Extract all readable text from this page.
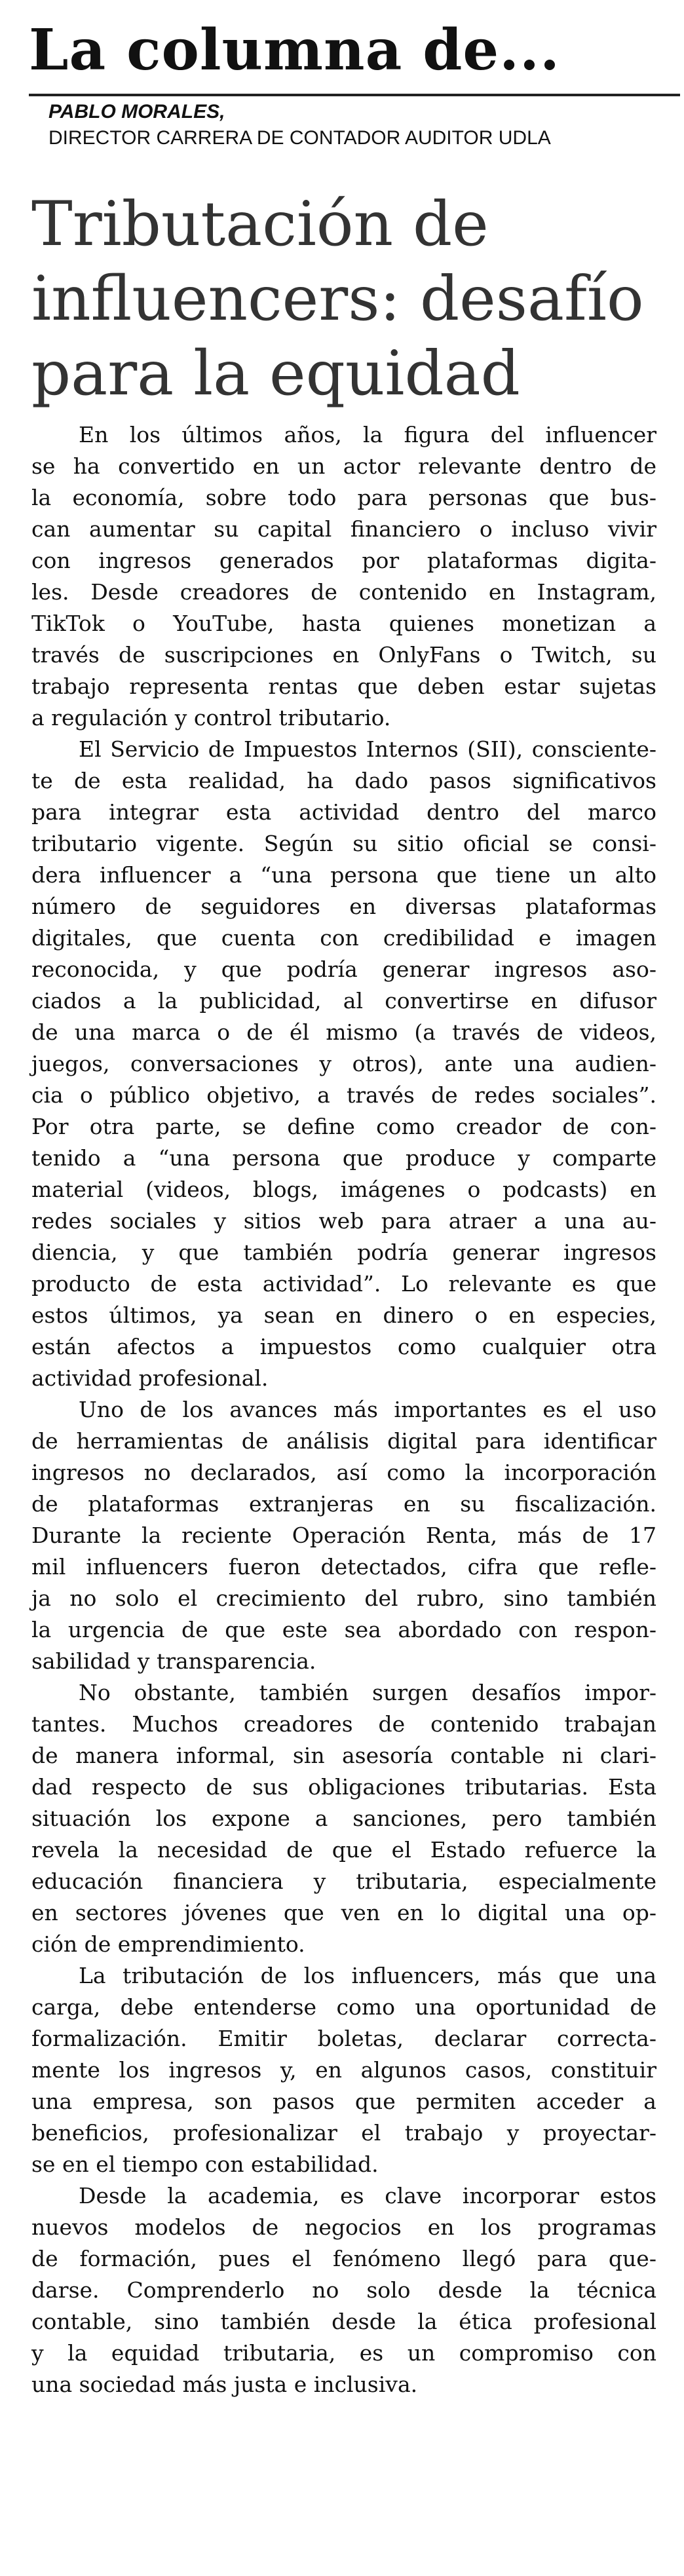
La columna de...
PABLO MORALES,
DIRECTOR CARRERA DE CONTADOR AUDITOR UDLA
Tributación de
influencers: desafío
para la equidad
En los últimos años, la figura del influencer
se ha convertido en un actor relevante dentro de
la economía, sobre todo para personas que bus-
can aumentar su capital financiero o incluso vivir
con ingresos generados por plataformas digita-
les. Desde creadores de contenido en Instagram,
TikTok o YouTube, hasta quienes monetizan a
través de suscripciones en OnlyFans o Twitch, su
trabajo representa rentas que deben estar sujetas
a regulación y control tributario.
El Servicio de Impuestos Internos (SII), consciente-
te de esta realidad, ha dado pasos significativos
para integrar esta actividad dentro del marco
tributario vigente. Según su sitio oficial se consi-
dera influencer a “una persona que tiene un alto
número de seguidores en diversas plataformas
digitales, que cuenta con credibilidad e imagen
reconocida, y que podría generar ingresos aso-
ciados a la publicidad, al convertirse en difusor
de una marca o de él mismo (a través de videos,
juegos, conversaciones y otros), ante una audien-
cia o público objetivo, a través de redes sociales”.
Por otra parte, se define como creador de con-
tenido a “una persona que produce y comparte
material (videos, blogs, imágenes o podcasts) en
redes sociales y sitios web para atraer a una au-
diencia, y que también podría generar ingresos
producto de esta actividad”. Lo relevante es que
estos últimos, ya sean en dinero o en especies,
están afectos a impuestos como cualquier otra
actividad profesional.
Uno de los avances más importantes es el uso
de herramientas de análisis digital para identificar
ingresos no declarados, así como la incorporación
de plataformas extranjeras en su fiscalización.
Durante la reciente Operación Renta, más de 17
mil influencers fueron detectados, cifra que refle-
ja no solo el crecimiento del rubro, sino también
la urgencia de que este sea abordado con respon-
sabilidad y transparencia.
No obstante, también surgen desafíos impor-
tantes. Muchos creadores de contenido trabajan
de manera informal, sin asesoría contable ni clari-
dad respecto de sus obligaciones tributarias. Esta
situación los expone a sanciones, pero también
revela la necesidad de que el Estado refuerce la
educación financiera y tributaria, especialmente
en sectores jóvenes que ven en lo digital una op-
ción de emprendimiento.
La tributación de los influencers, más que una
carga, debe entenderse como una oportunidad de
formalización. Emitir boletas, declarar correcta-
mente los ingresos y, en algunos casos, constituir
una empresa, son pasos que permiten acceder a
beneficios, profesionalizar el trabajo y proyectar-
se en el tiempo con estabilidad.
Desde la academia, es clave incorporar estos
nuevos modelos de negocios en los programas
de formación, pues el fenómeno llegó para que-
darse. Comprenderlo no solo desde la técnica
contable, sino también desde la ética profesional
y la equidad tributaria, es un compromiso con
una sociedad más justa e inclusiva.
